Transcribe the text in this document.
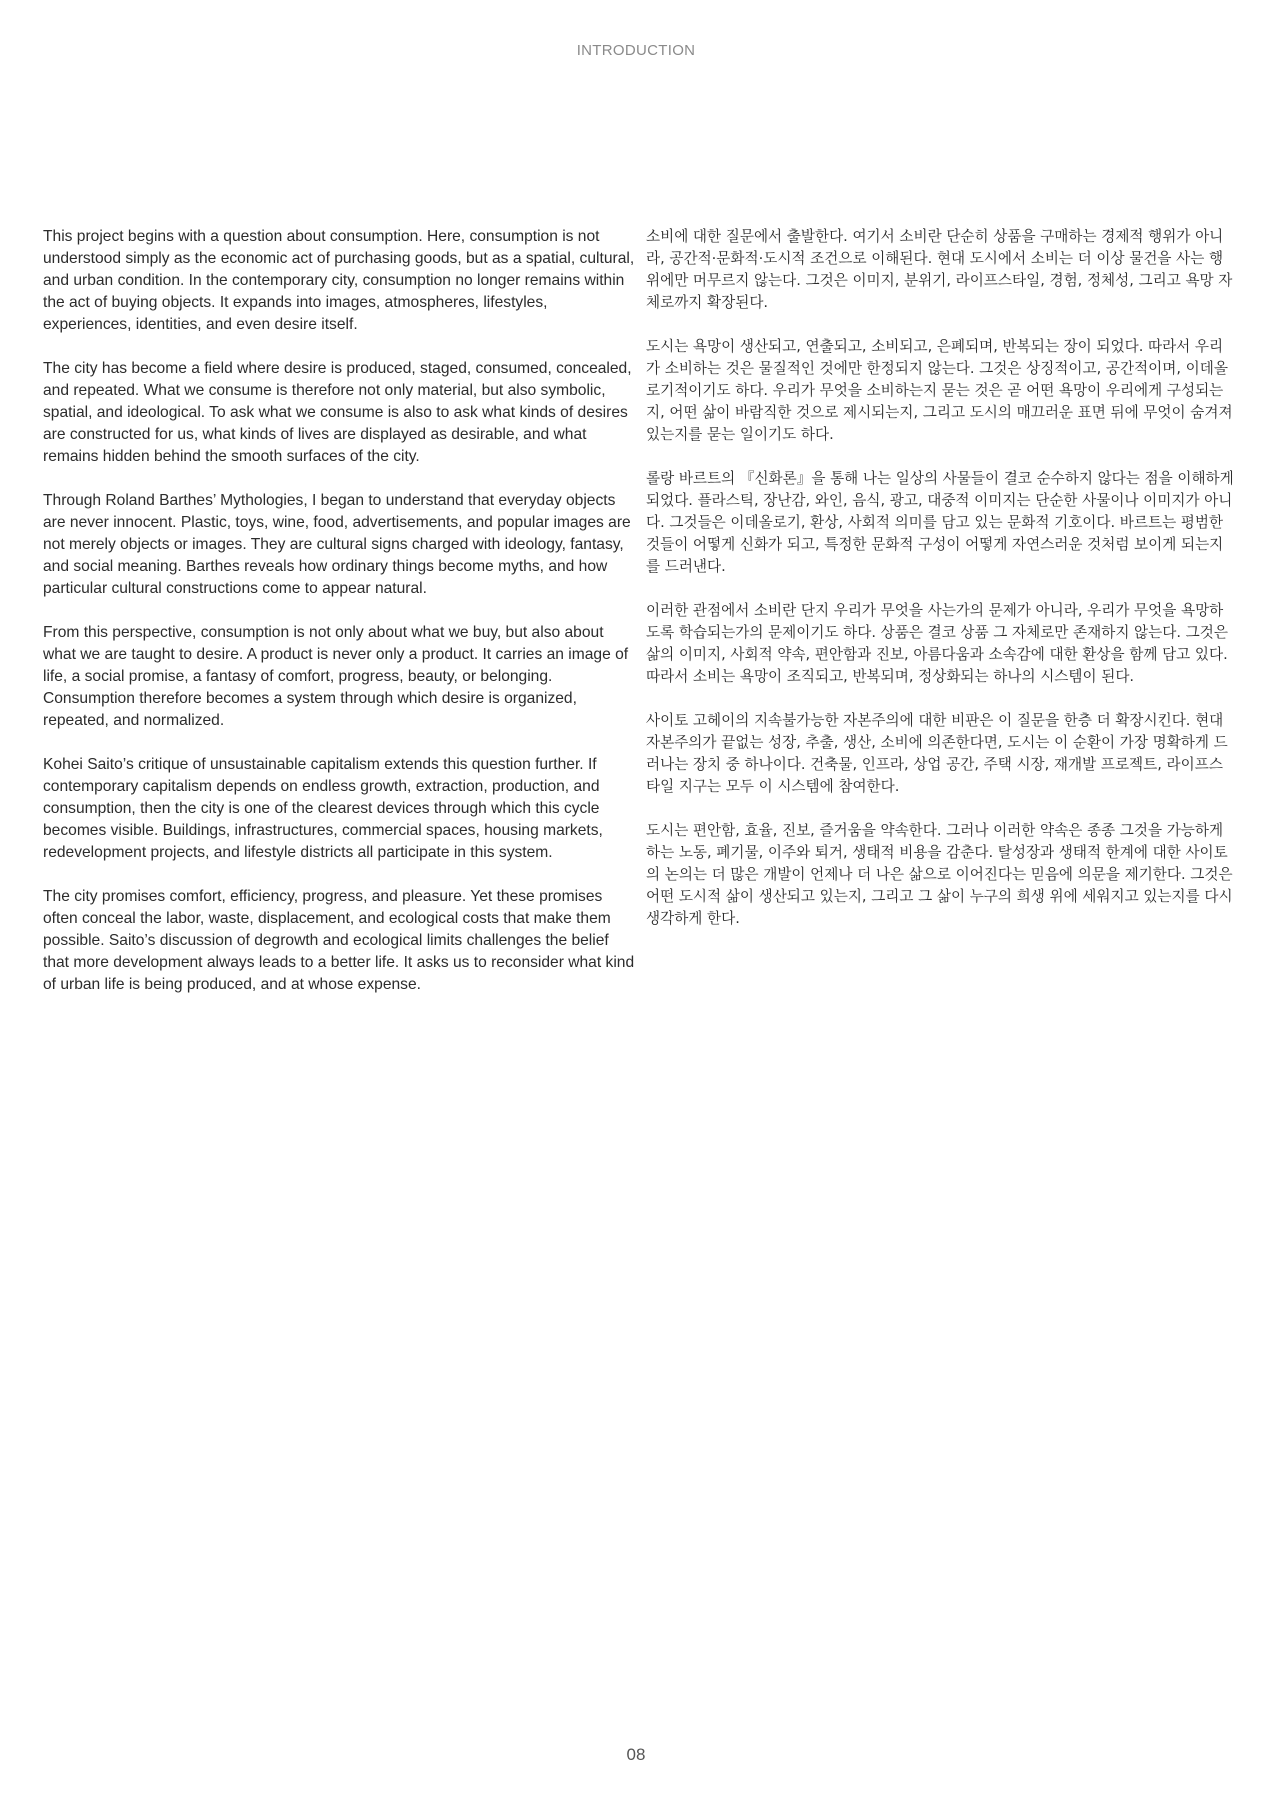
INTRODUCTION

This project begins with a question about consumption. Here, consumption is not understood simply as the economic act of purchasing goods, but as a spatial, cultural, and urban condition. In the contemporary city, consumption no longer remains within the act of buying objects. It expands into images, atmospheres, lifestyles, experiences, identities, and even desire itself.

The city has become a field where desire is produced, staged, consumed, concealed, and repeated. What we consume is therefore not only material, but also symbolic, spatial, and ideological. To ask what we consume is also to ask what kinds of desires are constructed for us, what kinds of lives are displayed as desirable, and what remains hidden behind the smooth surfaces of the city.

Through Roland Barthes’ Mythologies, I began to understand that everyday objects are never innocent. Plastic, toys, wine, food, advertisements, and popular images are not merely objects or images. They are cultural signs charged with ideology, fantasy, and social meaning. Barthes reveals how ordinary things become myths, and how particular cultural constructions come to appear natural.

From this perspective, consumption is not only about what we buy, but also about what we are taught to desire. A product is never only a product. It carries an image of life, a social promise, a fantasy of comfort, progress, beauty, or belonging. Consumption therefore becomes a system through which desire is organized, repeated, and normalized.

Kohei Saito’s critique of unsustainable capitalism extends this question further. If contemporary capitalism depends on endless growth, extraction, production, and consumption, then the city is one of the clearest devices through which this cycle becomes visible. Buildings, infrastructures, commercial spaces, housing markets, redevelopment projects, and lifestyle districts all participate in this system.

The city promises comfort, efficiency, progress, and pleasure. Yet these promises often conceal the labor, waste, displacement, and ecological costs that make them possible. Saito’s discussion of degrowth and ecological limits challenges the belief that more development always leads to a better life. It asks us to reconsider what kind of urban life is being produced, and at whose expense.

소비에 대한 질문에서 출발한다. 여기서 소비란 단순히 상품을 구매하는 경제적 행위가 아니라, 공간적·문화적·도시적 조건으로 이해된다. 현대 도시에서 소비는 더 이상 물건을 사는 행위에만 머무르지 않는다. 그것은 이미지, 분위기, 라이프스타일, 경험, 정체성, 그리고 욕망 자체로까지 확장된다.

도시는 욕망이 생산되고, 연출되고, 소비되고, 은폐되며, 반복되는 장이 되었다. 따라서 우리가 소비하는 것은 물질적인 것에만 한정되지 않는다. 그것은 상징적이고, 공간적이며, 이데올로기적이기도 하다. 우리가 무엇을 소비하는지 묻는 것은 곧 어떤 욕망이 우리에게 구성되는지, 어떤 삶이 바람직한 것으로 제시되는지, 그리고 도시의 매끄러운 표면 뒤에 무엇이 숨겨져 있는지를 묻는 일이기도 하다.

롤랑 바르트의 『신화론』을 통해 나는 일상의 사물들이 결코 순수하지 않다는 점을 이해하게 되었다. 플라스틱, 장난감, 와인, 음식, 광고, 대중적 이미지는 단순한 사물이나 이미지가 아니다. 그것들은 이데올로기, 환상, 사회적 의미를 담고 있는 문화적 기호이다. 바르트는 평범한 것들이 어떻게 신화가 되고, 특정한 문화적 구성이 어떻게 자연스러운 것처럼 보이게 되는지를 드러낸다.

이러한 관점에서 소비란 단지 우리가 무엇을 사는가의 문제가 아니라, 우리가 무엇을 욕망하도록 학습되는가의 문제이기도 하다. 상품은 결코 상품 그 자체로만 존재하지 않는다. 그것은 삶의 이미지, 사회적 약속, 편안함과 진보, 아름다움과 소속감에 대한 환상을 함께 담고 있다. 따라서 소비는 욕망이 조직되고, 반복되며, 정상화되는 하나의 시스템이 된다.

사이토 고헤이의 지속불가능한 자본주의에 대한 비판은 이 질문을 한층 더 확장시킨다. 현대 자본주의가 끝없는 성장, 추출, 생산, 소비에 의존한다면, 도시는 이 순환이 가장 명확하게 드러나는 장치 중 하나이다. 건축물, 인프라, 상업 공간, 주택 시장, 재개발 프로젝트, 라이프스타일 지구는 모두 이 시스템에 참여한다.

도시는 편안함, 효율, 진보, 즐거움을 약속한다. 그러나 이러한 약속은 종종 그것을 가능하게 하는 노동, 폐기물, 이주와 퇴거, 생태적 비용을 감춘다. 탈성장과 생태적 한계에 대한 사이토의 논의는 더 많은 개발이 언제나 더 나은 삶으로 이어진다는 믿음에 의문을 제기한다. 그것은 어떤 도시적 삶이 생산되고 있는지, 그리고 그 삶이 누구의 희생 위에 세워지고 있는지를 다시 생각하게 한다.

08
